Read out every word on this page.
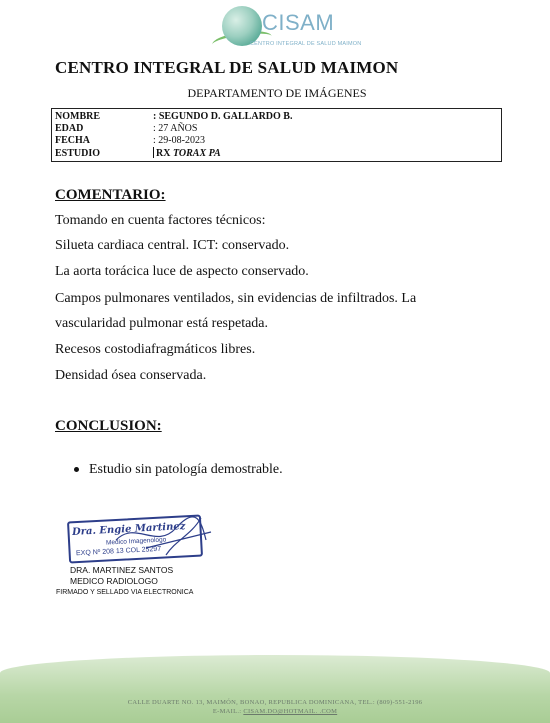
CISAM
CENTRO INTEGRAL DE SALUD MAIMON
CENTRO INTEGRAL DE SALUD MAIMON
DEPARTAMENTO DE IMÁGENES
NOMBRE	: SEGUNDO D. GALLARDO B.
EDAD	: 27 AÑOS
FECHA	: 29-08-2023
ESTUDIO	RX TORAX PA
COMENTARIO:
Tomando en cuenta factores técnicos:
Silueta cardiaca central. ICT: conservado.
La aorta torácica luce de aspecto conservado.
Campos pulmonares ventilados, sin evidencias de infiltrados. La
vascularidad pulmonar está respetada.
Recesos costodiafragmáticos libres.
Densidad ósea conservada.
CONCLUSION:
Estudio sin patología demostrable.
Dra. Engie Martinez
Medico Imagenologo
EXQ Nº 208 13 COL 25297
DRA. MARTINEZ SANTOS
MEDICO RADIOLOGO
FIRMADO Y SELLADO VIA ELECTRONICA
CALLE DUARTE NO. 13, MAIMÓN, BONAO, REPUBLICA DOMINICANA, TEL.: (809)-551-2196
E-MAIL.: CISAM.DO@HOTMAIL. .COM
